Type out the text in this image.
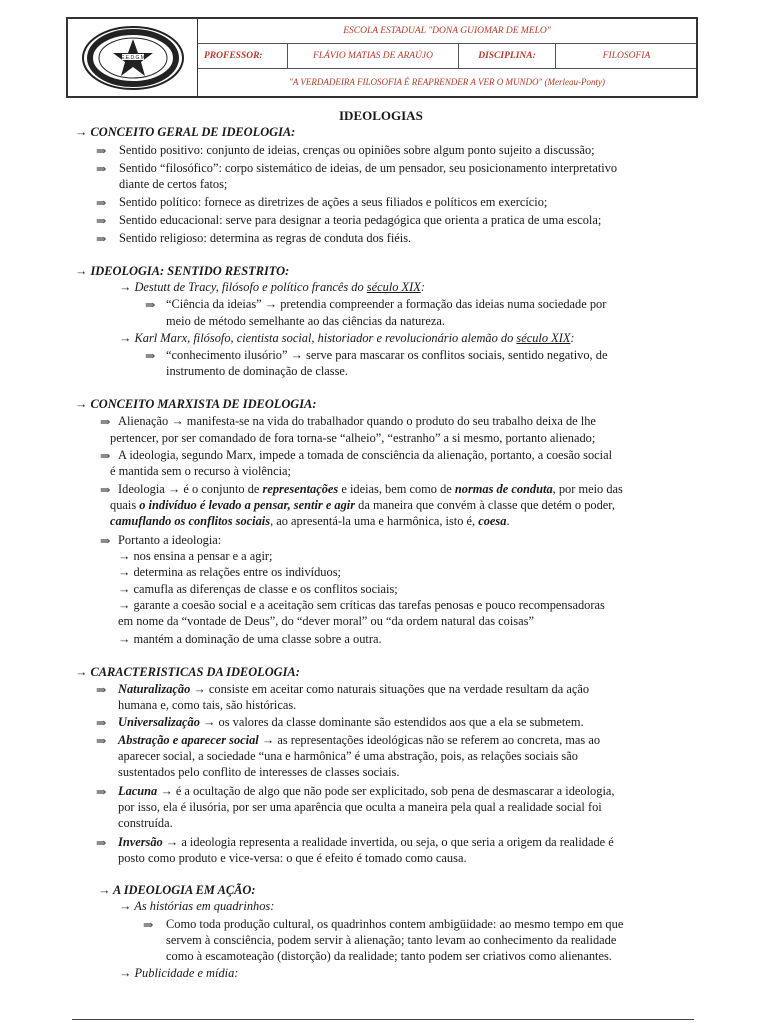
E.E.D.G.M
ESCOLA ESTADUAL "DONA GUIOMAR DE MELO"
PROFESSOR:	FLÁVIO MATIAS DE ARAÚJO	DISCIPLINA:	FILOSOFIA
"A VERDADEIRA FILOSOFIA É REAPRENDER A VER O MUNDO" (Merleau-Ponty)
IDEOLOGIAS
→ CONCEITO GERAL DE IDEOLOGIA:
⇒ Sentido positivo: conjunto de ideias, crenças ou opiniões sobre algum ponto sujeito a discussão;
⇒ Sentido “filosófico”: corpo sistemático de ideias, de um pensador, seu posicionamento interpretativo
diante de certos fatos;
⇒ Sentido político: fornece as diretrizes de ações a seus filiados e políticos em exercício;
⇒ Sentido educacional: serve para designar a teoria pedagógica que orienta a pratica de uma escola;
⇒ Sentido religioso: determina as regras de conduta dos fiéis.
→ IDEOLOGIA: SENTIDO RESTRITO:
→ Destutt de Tracy, filósofo e político francês do século XIX:
⇒ “Ciência da ideias” → pretendia compreender a formação das ideias numa sociedade por
meio de método semelhante ao das ciências da natureza.
→ Karl Marx, filósofo, cientista social, historiador e revolucionário alemão do século XIX:
⇒ “conhecimento ilusório” → serve para mascarar os conflitos sociais, sentido negativo, de
instrumento de dominação de classe.
→ CONCEITO MARXISTA DE IDEOLOGIA:
⇒ Alienação → manifesta-se na vida do trabalhador quando o produto do seu trabalho deixa de lhe
pertencer, por ser comandado de fora torna-se “alheio”, “estranho” a si mesmo, portanto alienado;
⇒ A ideologia, segundo Marx, impede a tomada de consciência da alienação, portanto, a coesão social
é mantida sem o recurso à violência;
⇒ Ideologia → é o conjunto de representações e ideias, bem como de normas de conduta, por meio das
quais o indivíduo é levado a pensar, sentir e agir da maneira que convém à classe que detém o poder,
camuflando os conflitos sociais, ao apresentá-la uma e harmônica, isto é, coesa.
⇒ Portanto a ideologia:
→ nos ensina a pensar e a agir;
→ determina as relações entre os indivíduos;
→ camufla as diferenças de classe e os conflitos sociais;
→ garante a coesão social e a aceitação sem críticas das tarefas penosas e pouco recompensadoras
em nome da “vontade de Deus”, do “dever moral” ou “da ordem natural das coisas”
→ mantém a dominação de uma classe sobre a outra.
→ CARACTERISTICAS DA IDEOLOGIA:
⇒ Naturalização → consiste em aceitar como naturais situações que na verdade resultam da ação
humana e, como tais, são históricas.
⇒ Universalização → os valores da classe dominante são estendidos aos que a ela se submetem.
⇒ Abstração e aparecer social → as representações ideológicas não se referem ao concreta, mas ao
aparecer social, a sociedade “una e harmônica” é uma abstração, pois, as relações sociais são
sustentados pelo conflito de interesses de classes sociais.
⇒ Lacuna → é a ocultação de algo que não pode ser explicitado, sob pena de desmascarar a ideologia,
por isso, ela é ilusória, por ser uma aparência que oculta a maneira pela qual a realidade social foi
construída.
⇒ Inversão → a ideologia representa a realidade invertida, ou seja, o que seria a origem da realidade é
posto como produto e vice-versa: o que é efeito é tomado como causa.
→ A IDEOLOGIA EM AÇÃO:
→ As histórias em quadrinhos:
⇒ Como toda produção cultural, os quadrinhos contem ambigüidade: ao mesmo tempo em que
servem à consciência, podem servir à alienação; tanto levam ao conhecimento da realidade
como à escamoteação (distorção) da realidade; tanto podem ser criativos como alienantes.
→ Publicidade e mídia:
